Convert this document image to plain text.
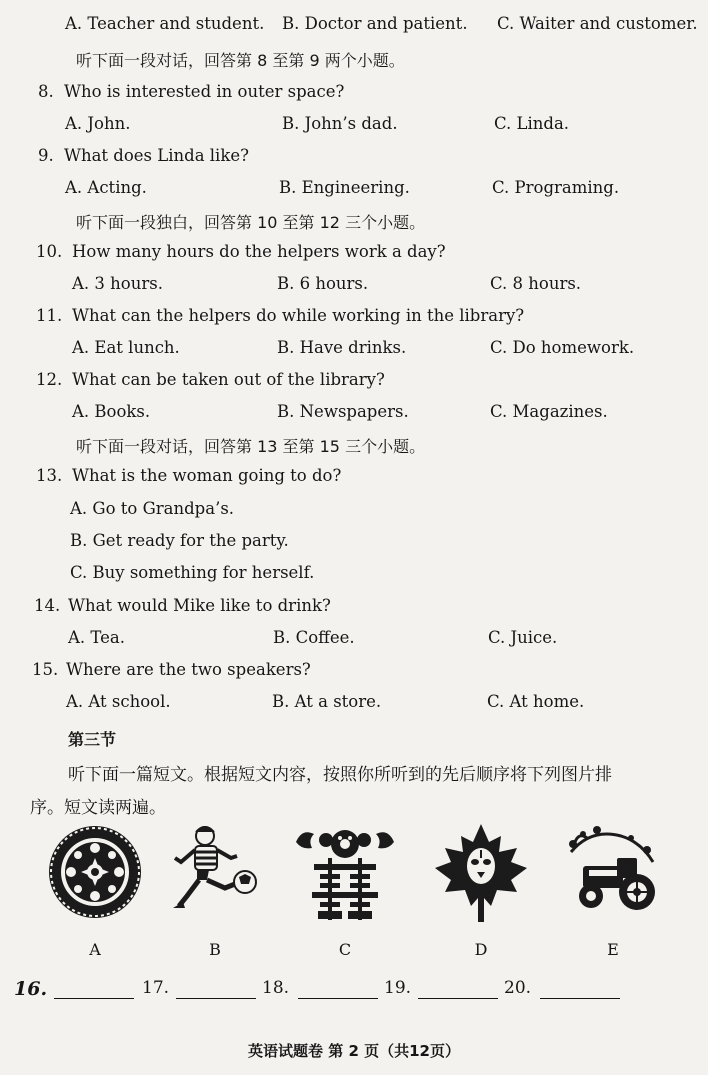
A. Teacher and student. B. Doctor and patient. C. Waiter and customer.
听下面一段对话，回答第 8 至第 9 两个小题。
8. Who is interested in outer space?
A. John.	B. John’s dad.	C. Linda.
9. What does Linda like?
A. Acting.	B. Engineering.	C. Programing.
听下面一段独白，回答第 10 至第 12 三个小题。
10. How many hours do the helpers work a day?
A. 3 hours.	B. 6 hours.	C. 8 hours.
11. What can the helpers do while working in the library?
A. Eat lunch.	B. Have drinks.	C. Do homework.
12. What can be taken out of the library?
A. Books.	B. Newspapers.	C. Magazines.
听下面一段对话，回答第 13 至第 15 三个小题。
13. What is the woman going to do?
A. Go to Grandpa’s.
B. Get ready for the party.
C. Buy something for herself.
14. What would Mike like to drink?
A. Tea.	B. Coffee.	C. Juice.
15. Where are the two speakers?
A. At school.	B. At a store.	C. At home.
第三节
听下面一篇短文。根据短文内容，按照你所听到的先后顺序将下列图片排
序。短文读两遍。
A	B	C	D	E
16.	17.	18.	19.	20.
英语试题卷 第 2 页（共12页）
